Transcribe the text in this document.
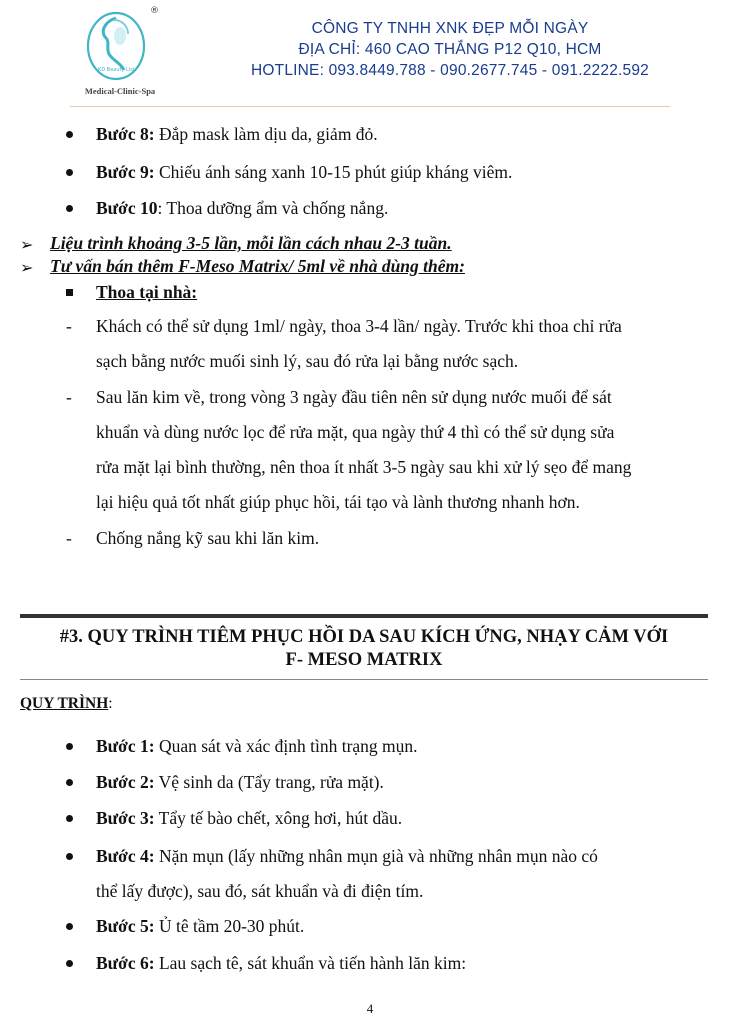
KD Beauty Ltd
®
Medical-Clinic-Spa
CÔNG TY TNHH XNK ĐẸP MỖI NGÀY
ĐỊA CHỈ: 460 CAO THẮNG P12 Q10, HCM
HOTLINE: 093.8449.788 - 090.2677.745 - 091.2222.592
Bước 8: Đắp mask làm dịu da, giảm đỏ.
Bước 9: Chiếu ánh sáng xanh 10-15 phút giúp kháng viêm.
Bước 10: Thoa dưỡng ẩm và chống nắng.
➢ Liệu trình khoảng 3-5 lần, mỗi lần cách nhau 2-3 tuần.
➢ Tư vấn bán thêm F-Meso Matrix/ 5ml về nhà dùng thêm:
Thoa tại nhà:
- Khách có thể sử dụng 1ml/ ngày, thoa 3-4 lần/ ngày. Trước khi thoa chỉ rửa
sạch bằng nước muối sinh lý, sau đó rửa lại bằng nước sạch.
- Sau lăn kim về, trong vòng 3 ngày đầu tiên nên sử dụng nước muối để sát
khuẩn và dùng nước lọc để rửa mặt, qua ngày thứ 4 thì có thể sử dụng sửa
rửa mặt lại bình thường, nên thoa ít nhất 3-5 ngày sau khi xử lý sẹo để mang
lại hiệu quả tốt nhất giúp phục hồi, tái tạo và lành thương nhanh hơn.
- Chống nắng kỹ sau khi lăn kim.
#3. QUY TRÌNH TIÊM PHỤC HỒI DA SAU KÍCH ỨNG, NHẠY CẢM VỚI
F- MESO MATRIX
QUY TRÌNH:
Bước 1: Quan sát và xác định tình trạng mụn.
Bước 2: Vệ sinh da (Tẩy trang, rửa mặt).
Bước 3: Tẩy tế bào chết, xông hơi, hút dầu.
Bước 4: Nặn mụn (lấy những nhân mụn già và những nhân mụn nào có
thể lấy được), sau đó, sát khuẩn và đi điện tím.
Bước 5: Ủ tê tầm 20-30 phút.
Bước 6: Lau sạch tê, sát khuẩn và tiến hành lăn kim:
4
